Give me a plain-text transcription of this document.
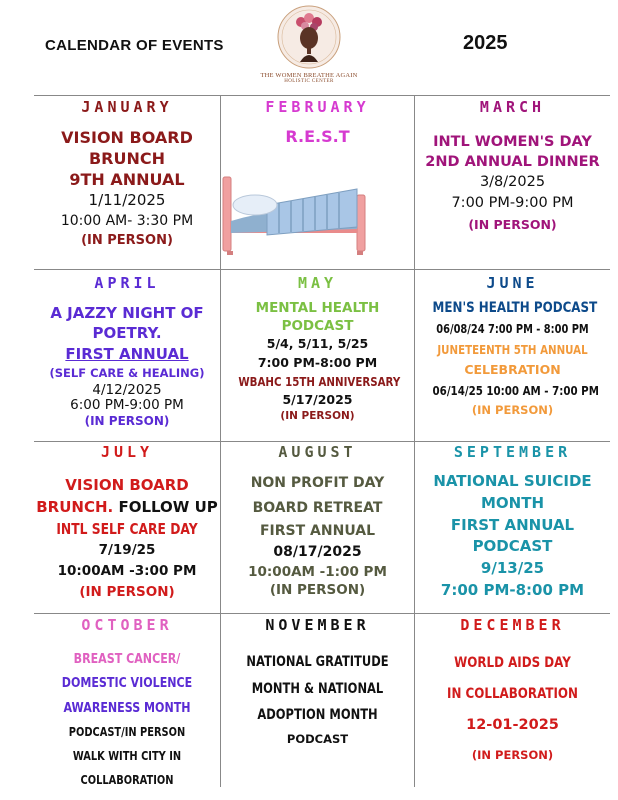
CALENDAR OF EVENTS	2025
THE WOMEN BREATHE AGAIN
HOLISTIC CENTER
JANUARY
VISION BOARD
BRUNCH
9TH ANNUAL
1/11/2025
10:00 AM- 3:30 PM
(IN PERSON)
FEBRUARY
R.E.S.T
MARCH
INTL WOMEN'S DAY
2ND ANNUAL DINNER
3/8/2025
7:00 PM-9:00 PM
(IN PERSON)
APRIL
A JAZZY NIGHT OF
POETRY.
FIRST ANNUAL
(SELF CARE & HEALING)
4/12/2025
6:00 PM-9:00 PM
(IN PERSON)
MAY
MENTAL HEALTH
PODCAST
5/4, 5/11, 5/25
7:00 PM-8:00 PM
WBAHC 15TH ANNIVERSARY
5/17/2025
(IN PERSON)
JUNE
MEN'S HEALTH PODCAST
06/08/24 7:00 PM - 8:00 PM
JUNETEENTH 5TH ANNUAL
CELEBRATION
06/14/25 10:00 AM - 7:00 PM
(IN PERSON)
JULY
VISION BOARD
BRUNCH. FOLLOW UP
INTL SELF CARE DAY
7/19/25
10:00AM -3:00 PM
(IN PERSON)
AUGUST
NON PROFIT DAY
BOARD RETREAT
FIRST ANNUAL
08/17/2025
10:00AM -1:00 PM
(IN PERSON)
SEPTEMBER
NATIONAL SUICIDE
MONTH
FIRST ANNUAL
PODCAST
9/13/25
7:00 PM-8:00 PM
OCTOBER
BREAST CANCER/
DOMESTIC VIOLENCE
AWARENESS MONTH
PODCAST/IN PERSON
WALK WITH CITY IN
COLLABORATION
NOVEMBER
NATIONAL GRATITUDE
MONTH & NATIONAL
ADOPTION MONTH
PODCAST
DECEMBER
WORLD AIDS DAY
IN COLLABORATION
12-01-2025
(IN PERSON)
